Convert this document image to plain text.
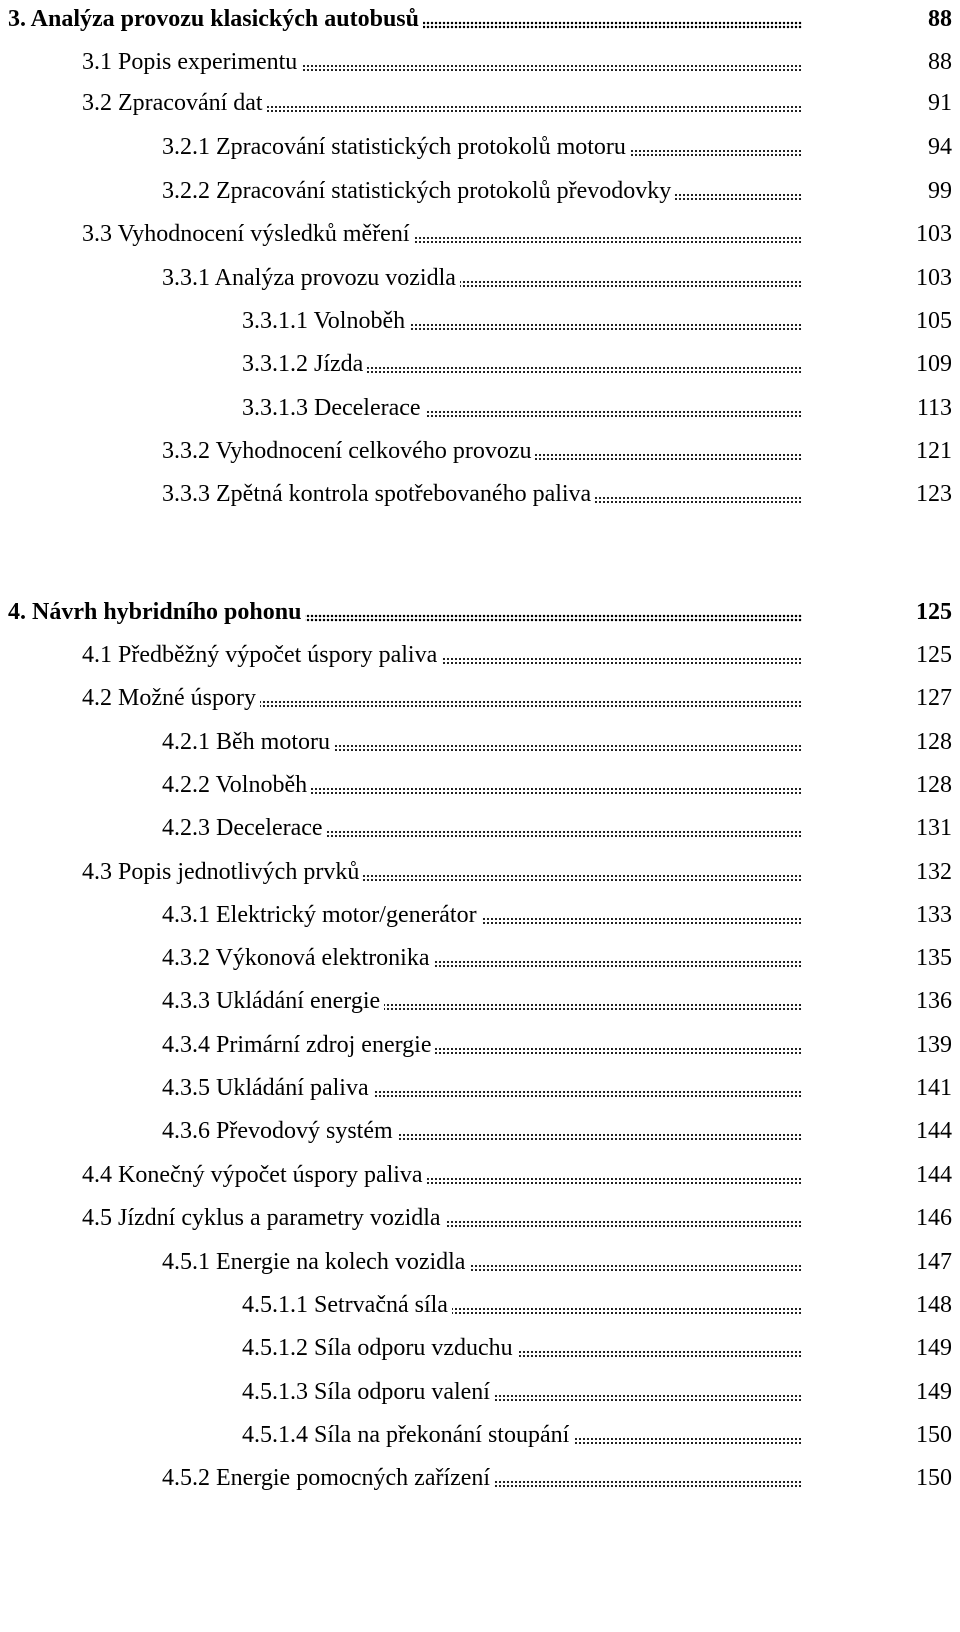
3. Analýza provozu klasických autobusů	88
3.1 Popis experimentu	88
3.2 Zpracování dat	91
3.2.1 Zpracování statistických protokolů motoru	94
3.2.2 Zpracování statistických protokolů převodovky	99
3.3 Vyhodnocení výsledků měření	103
3.3.1 Analýza provozu vozidla	103
3.3.1.1 Volnoběh	105
3.3.1.2 Jízda	109
3.3.1.3 Decelerace	113
3.3.2 Vyhodnocení celkového provozu	121
3.3.3 Zpětná kontrola spotřebovaného paliva	123
4. Návrh hybridního pohonu	125
4.1 Předběžný výpočet úspory paliva	125
4.2 Možné úspory	127
4.2.1 Běh motoru	128
4.2.2 Volnoběh	128
4.2.3 Decelerace	131
4.3 Popis jednotlivých prvků	132
4.3.1 Elektrický motor/generátor	133
4.3.2 Výkonová elektronika	135
4.3.3 Ukládání energie	136
4.3.4 Primární zdroj energie	139
4.3.5 Ukládání paliva	141
4.3.6 Převodový systém	144
4.4 Konečný výpočet úspory paliva	144
4.5 Jízdní cyklus a parametry vozidla	146
4.5.1 Energie na kolech vozidla	147
4.5.1.1 Setrvačná síla	148
4.5.1.2 Síla odporu vzduchu	149
4.5.1.3 Síla odporu valení	149
4.5.1.4 Síla na překonání stoupání	150
4.5.2 Energie pomocných zařízení	150
